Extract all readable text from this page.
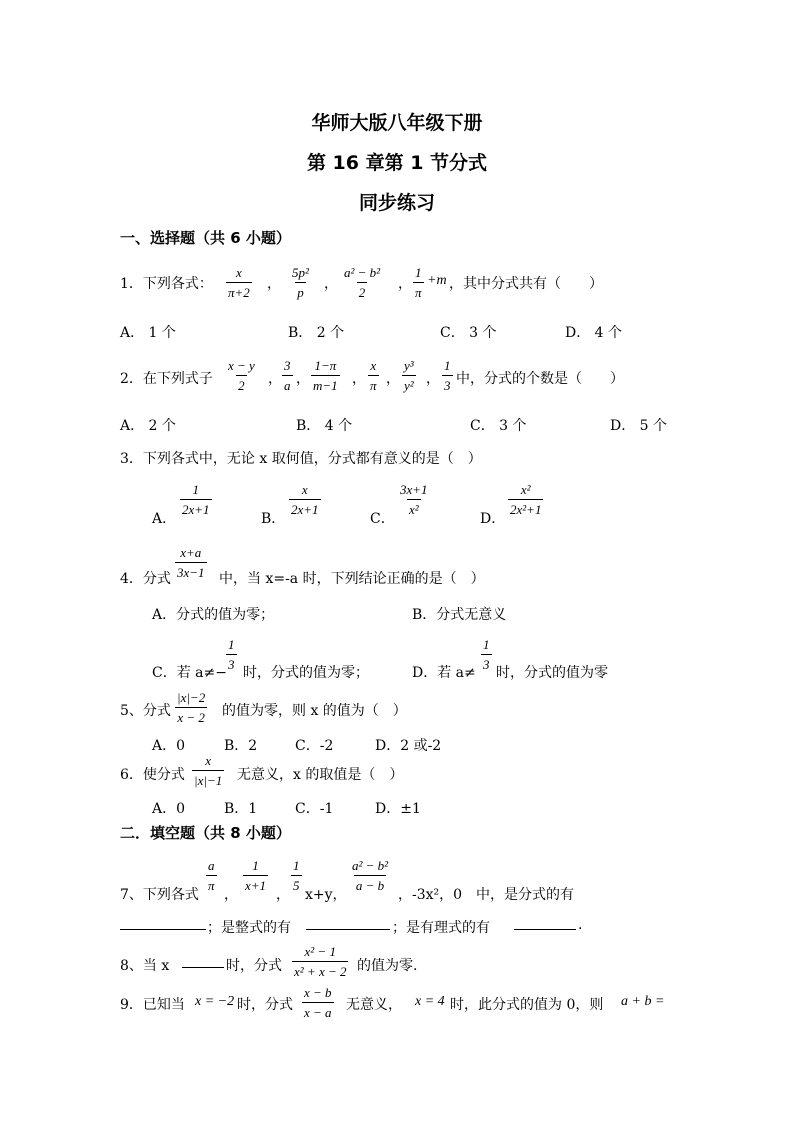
华师大版八年级下册
第 16 章第 1 节分式
同步练习
一、选择题（共 6 小题）
1．下列各式： $\frac{x}{\pi+2}$ ， $\frac{\text{5p²}}{p}$ ， $\frac{\text{a² − b²}}{2}$ ， $\frac{1}{\pi} +m$ ，其中分式共有（　　）
A． 1 个	B． 2 个	C． 3 个	D． 4 个
2．在下列式子 $\frac{x - y}{2}$ ， $\frac{3}{a}$ ， $\frac{1-\pi}{m-1}$ ， $\frac{x}{\pi}$ ， $\frac{\text{y³}}{\text{y²}}$ ， $\frac{1}{3}$ 中，分式的个数是（　　）
A． 2 个	B． 4 个	C． 3 个	D． 5 个
3．下列各式中，无论 x 取何值，分式都有意义的是（　）
A．
$\frac{1}{2x+1}$
B．
$\frac{x}{2x+1}$
C．
$\frac{3x+1}{\text{x²}}$
D．
$\frac{\text{x²}}{\text{2x²+1}}$
4．分式 $\frac{x+a}{3x-1}$ 中，当 x=-a 时，下列结论正确的是（　）
A．分式的值为零；	B．分式无意义
C．若 a≠−
$\frac{1}{3}$
时，分式的值为零；	D．若 a≠
$\frac{1}{3}$
时，分式的值为零
5、分式 $\frac{|x|-2}{x - 2}$ 的值为零，则 x 的值为（　）
A．0	B．2	C．-2	D．2 或-2
6．使分式 $\frac{x}{|x|-1}$ 无意义，x 的取值是（　）
A．0	B．1	C．-1	D．±1
二．填空题（共 8 小题）
7、下列各式
$\frac{a}{\pi}$
，
$\frac{1}{x+1}$
，
$\frac{1}{5}$
x+y，
$\frac{\text{a² − b²}}{a - b}$
，-3x²，0　中，是分式的有
；是整式的有	；是有理式的有	.
8、当 x	时，分式 $\frac{\text{x² − 1}}{\text{x² + x − 2}}$ 的值为零.
9．已知当 x = −2 时，分式 $\frac{x - b}{x - a}$ 无意义， x = 4 时，此分式的值为 0，则 a + b =
